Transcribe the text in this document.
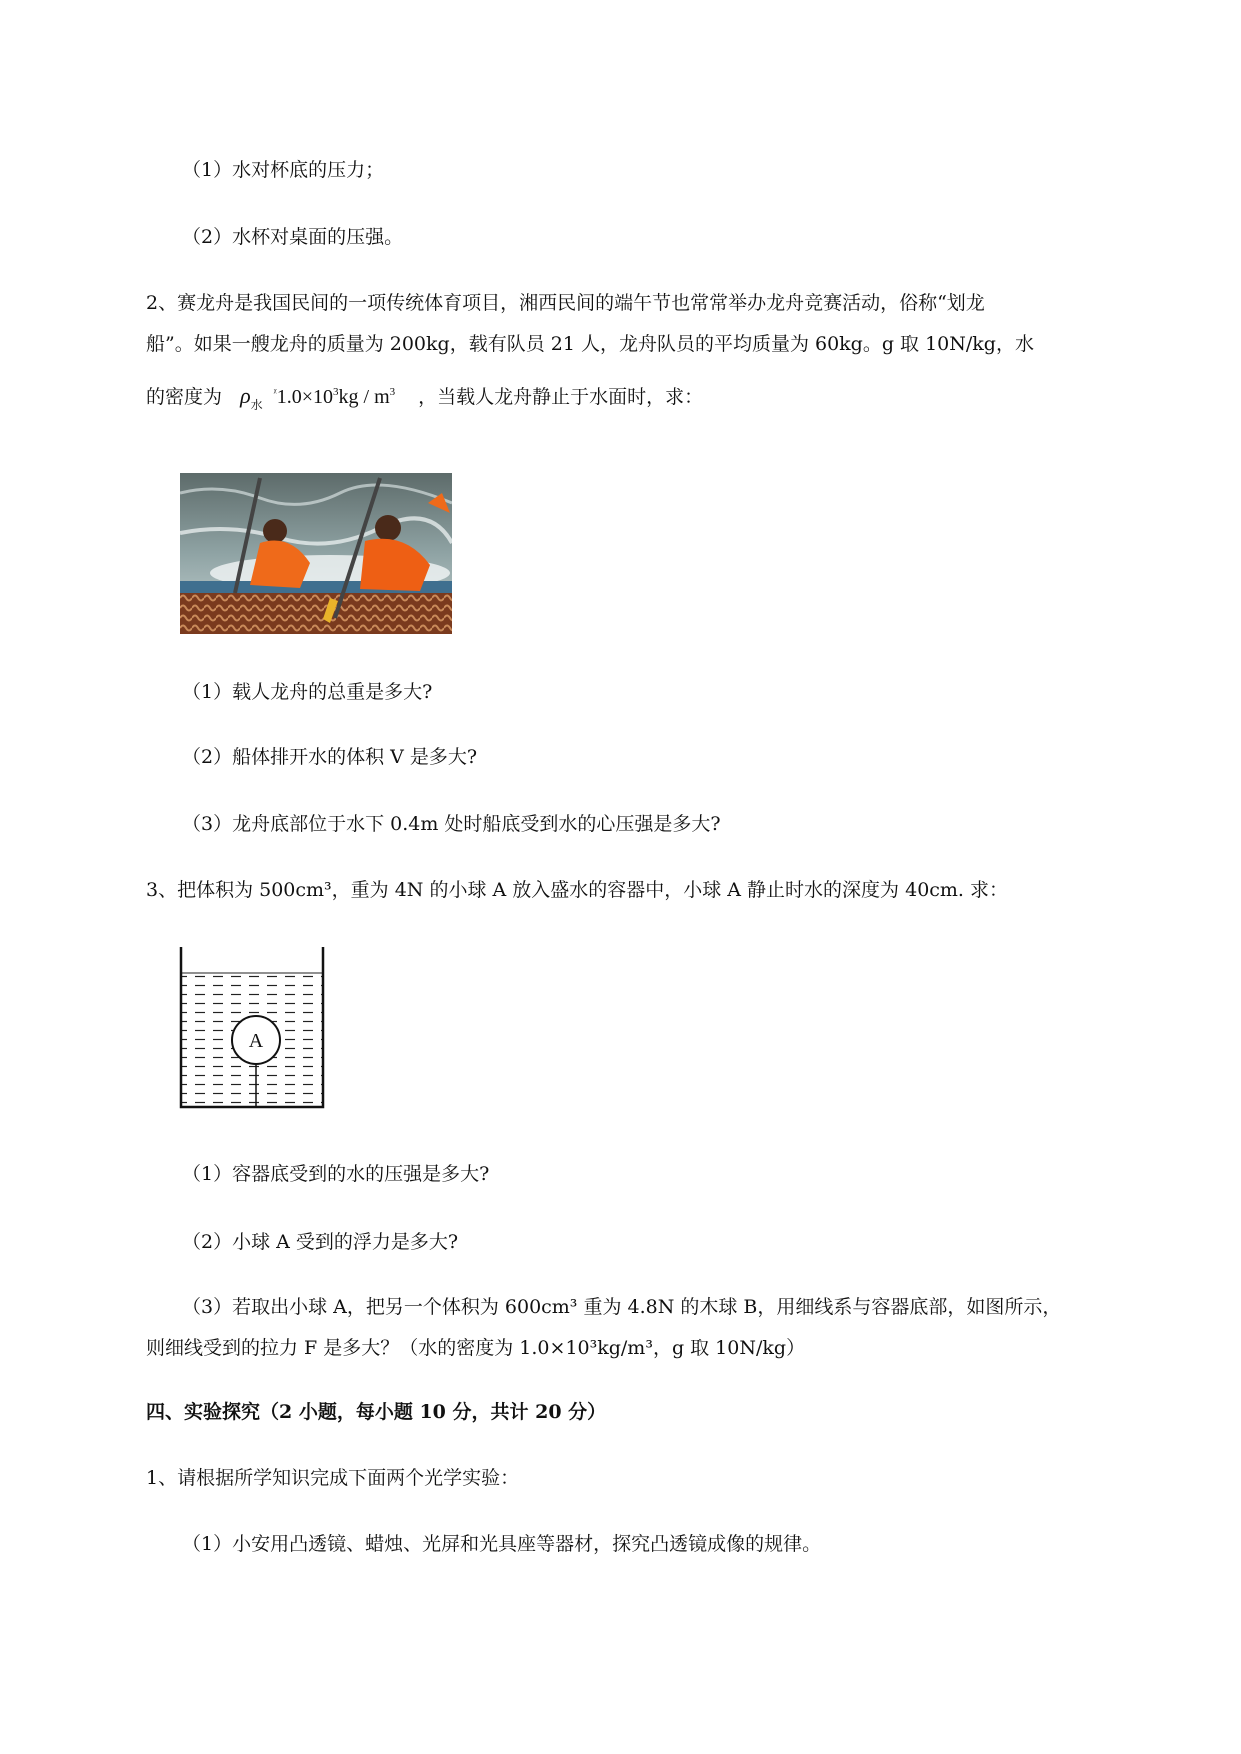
（1）水对杯底的压力；
（2）水杯对桌面的压强。
2、赛龙舟是我国民间的一项传统体育项目，湘西民间的端午节也常常举办龙舟竞赛活动，俗称“划龙
船”。如果一艘龙舟的质量为 200kg，载有队员 21 人，龙舟队员的平均质量为 60kg。g 取 10N/kg，水
的密度为 $\rho_水$ $^ᵡ1.0\times 10^3kg / m^3$ ，当载人龙舟静止于水面时，求：
（1）载人龙舟的总重是多大?
（2）船体排开水的体积 V 是多大?
（3）龙舟底部位于水下 0.4m 处时船底受到水的心压强是多大?
3、把体积为 500cm³，重为 4N 的小球 A 放入盛水的容器中，小球 A 静止时水的深度为 40cm. 求：
A
（1）容器底受到的水的压强是多大?
（2）小球 A 受到的浮力是多大?
（3）若取出小球 A，把另一个体积为 600cm³ 重为 4.8N 的木球 B，用细线系与容器底部，如图所示，
则细线受到的拉力 F 是多大？（水的密度为 1.0×10³kg/m³，g 取 10N/kg）
四、实验探究（2 小题，每小题 10 分，共计 20 分）
1、请根据所学知识完成下面两个光学实验：
（1）小安用凸透镜、蜡烛、光屏和光具座等器材，探究凸透镜成像的规律。
